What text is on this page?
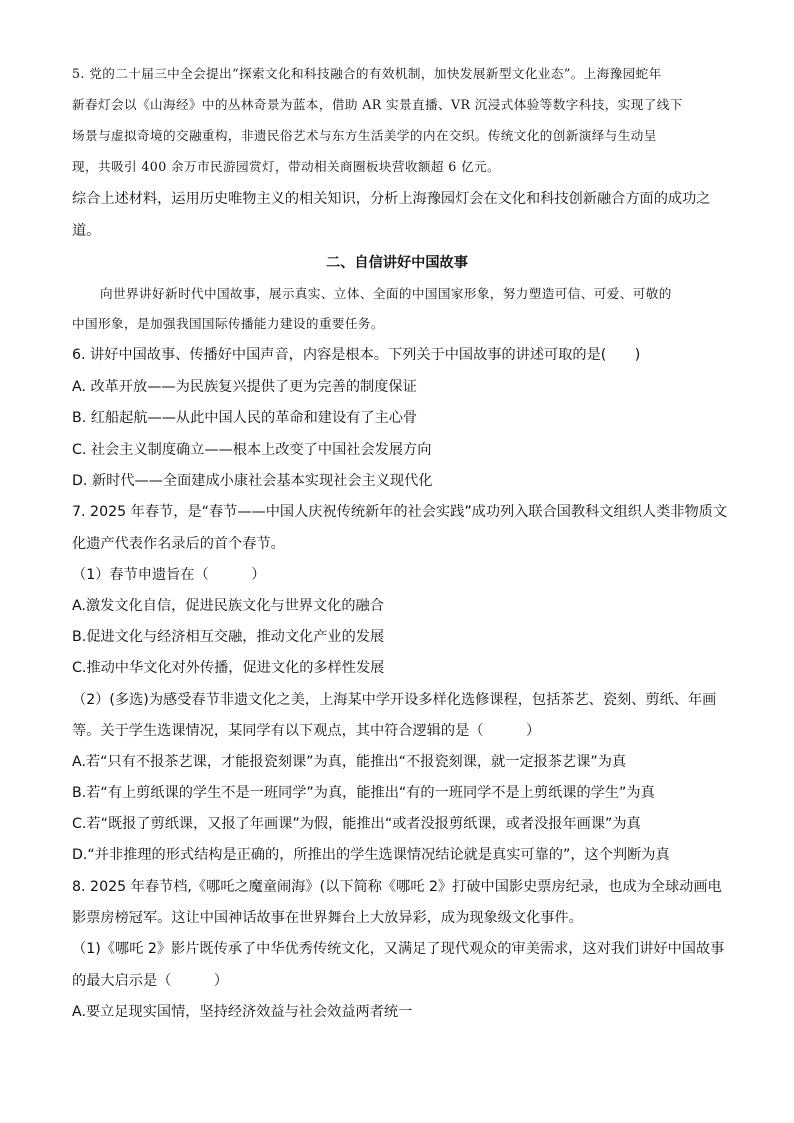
5. 党的二十届三中全会提出“探索文化和科技融合的有效机制，加快发展新型文化业态”。上海豫园蛇年
新春灯会以《山海经》中的丛林奇景为蓝本，借助 AR 实景直播、VR 沉浸式体验等数字科技，实现了线下
场景与虚拟奇境的交融重构，非遗民俗艺术与东方生活美学的内在交织。传统文化的创新演绎与生动呈
现，共吸引 400 余万市民游园赏灯，带动相关商圈板块营收额超 6 亿元。
综合上述材料，运用历史唯物主义的相关知识，分析上海豫园灯会在文化和科技创新融合方面的成功之
道。
二、自信讲好中国故事
向世界讲好新时代中国故事，展示真实、立体、全面的中国国家形象，努力塑造可信、可爱、可敬的
中国形象，是加强我国国际传播能力建设的重要任务。
6. 讲好中国故事、传播好中国声音，内容是根本。下列关于中国故事的讲述可取的是(　　)
A. 改革开放——为民族复兴提供了更为完善的制度保证
B. 红船起航——从此中国人民的革命和建设有了主心骨
C. 社会主义制度确立——根本上改变了中国社会发展方向
D. 新时代——全面建成小康社会基本实现社会主义现代化
7. 2025 年春节，是“春节——中国人庆祝传统新年的社会实践”成功列入联合国教科文组织人类非物质文
化遗产代表作名录后的首个春节。
（1）春节申遗旨在（　　　）
A.激发文化自信，促进民族文化与世界文化的融合
B.促进文化与经济相互交融，推动文化产业的发展
C.推动中华文化对外传播，促进文化的多样性发展
（2）(多选)为感受春节非遗文化之美，上海某中学开设多样化选修课程，包括茶艺、瓷刻、剪纸、年画
等。关于学生选课情况，某同学有以下观点，其中符合逻辑的是（　　　）
A.若“只有不报茶艺课，才能报瓷刻课”为真，能推出“不报瓷刻课，就一定报茶艺课”为真
B.若“有上剪纸课的学生不是一班同学”为真，能推出“有的一班同学不是上剪纸课的学生”为真
C.若“既报了剪纸课，又报了年画课”为假，能推出“或者没报剪纸课，或者没报年画课”为真
D.“并非推理的形式结构是正确的，所推出的学生选课情况结论就是真实可靠的”，这个判断为真
8. 2025 年春节档,《哪吒之魔童闹海》(以下简称《哪吒 2》打破中国影史票房纪录，也成为全球动画电
影票房榜冠军。这让中国神话故事在世界舞台上大放异彩，成为现象级文化事件。
（1)《哪吒 2》影片既传承了中华优秀传统文化，又满足了现代观众的审美需求，这对我们讲好中国故事
的最大启示是（　　　）
A.要立足现实国情，坚持经济效益与社会效益两者统一
